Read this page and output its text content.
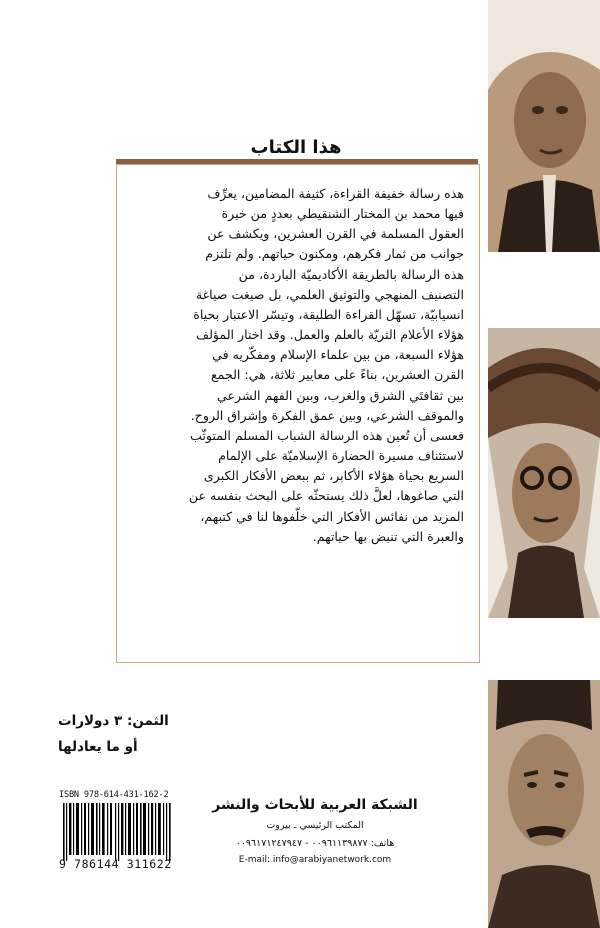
هذا الكتاب

هذه رسالة خفيفة القراءة، كثيفة المضامين، يعرِّف

فيها محمد بن المختار الشنقيطي بعددٍ من خيرة

العقول المسلمة في القرن العشرين، ويكشف عن

جوانب من ثمار فكرهم، ومكنون حياتهم. ولم تلتزم

هذه الرسالة بالطريقة الأكاديميّة الباردة، من

التصنيف المنهجي والتوثيق العلمي، بل صيغت صياغة

انسيابيّة، تسهّل القراءة الطليقة، وتيسّر الاعتبار بحياة

هؤلاء الأعلام الثريّة بالعلم والعمل. وقد اختار المؤلف

هؤلاء السبعة، من بين علماء الإسلام ومفكّريه في

القرن العشرين، بناءً على معايير ثلاثة، هي: الجمع

بين ثقافتَي الشرق والغرب، وبين الفهم الشرعي

والموقف الشرعي، وبين عمق الفكرة وإشراق الروح.

فعسى أن تُعين هذه الرسالة الشباب المسلم المتوثّب

لاستئناف مسيرة الحضارة الإسلاميّة على الإلمام

السريع بحياة هؤلاء الأكابر، ثم ببعض الأفكار الكبرى

التي صاغوها، لعلَّ ذلك يستحثّه على البحث بنفسه عن

المزيد من نفائس الأفكار التي خلّفوها لنا في كتبهم،

والعبرة التي تنبض بها حياتهم.

الثمن: ٣ دولارات
أو ما يعادلها
ISBN 978-614-431-162-2
9 786144 311622
الشبكة العربية للأبحاث والنشر
المكتب الرئيسي ـ بيروت
هاتف: ٠٠٩٦١١٣٩٨٧٧ - ٠٠٩٦١٧١٢٤٧٩٤٧
E-mail: info@arabiyanetwork.com
